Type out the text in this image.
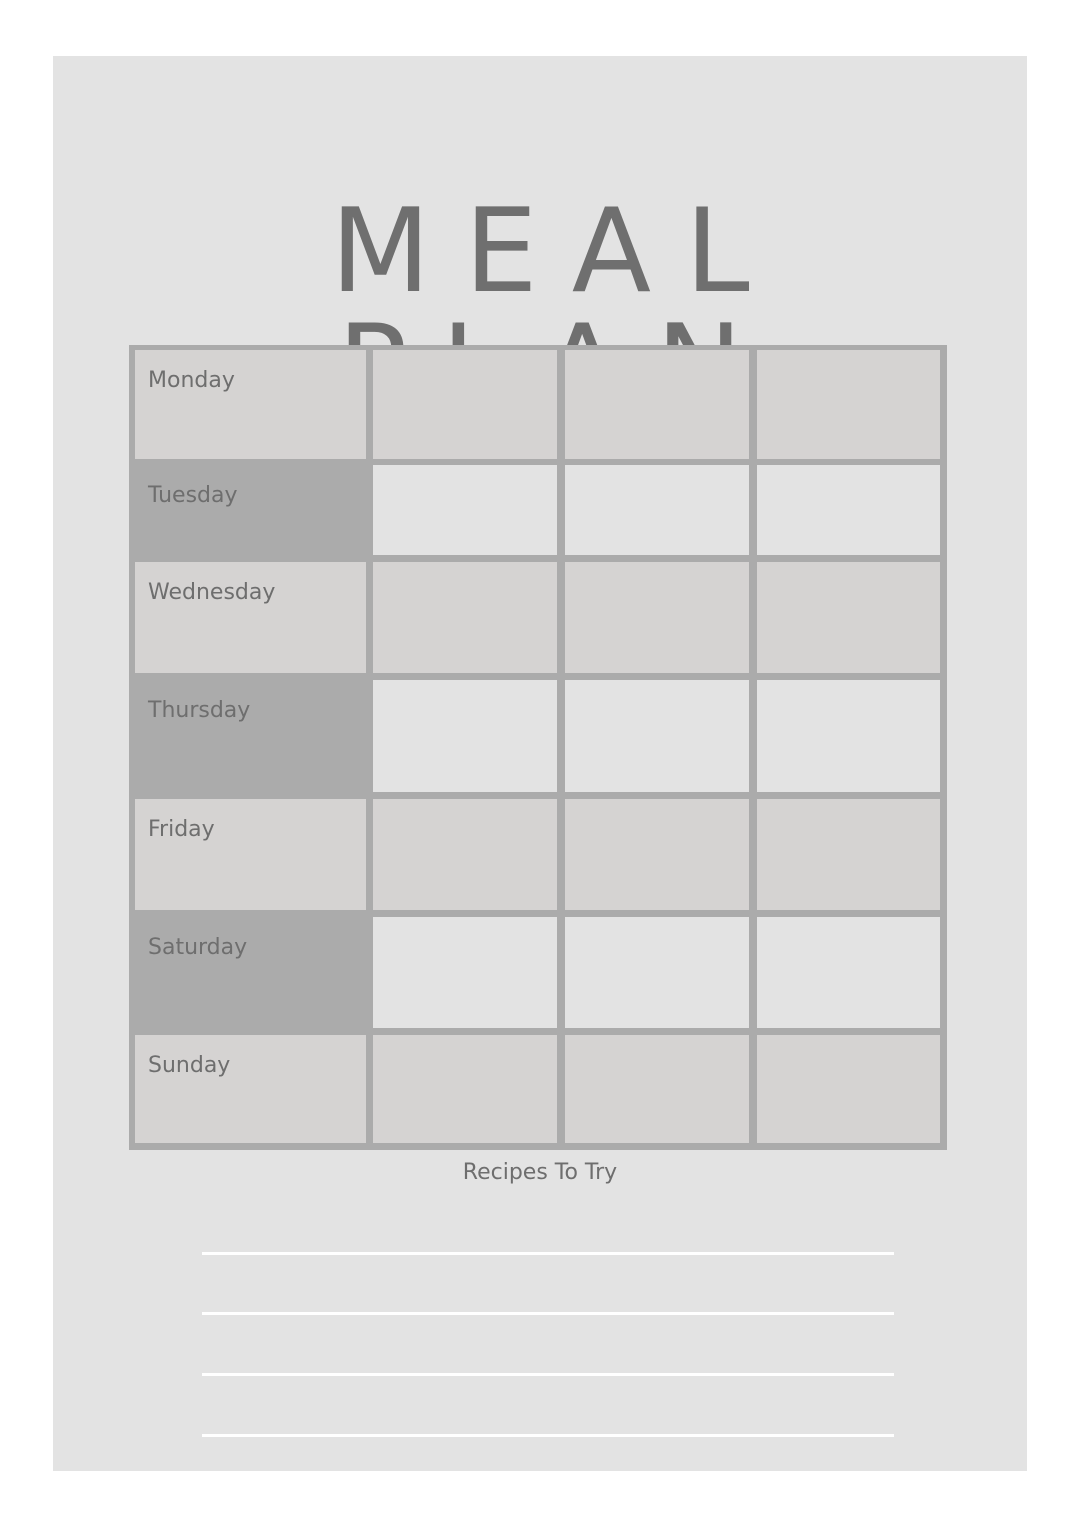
MEAL
Monday
Tuesday
Wednesday
Thursday
Friday
Saturday
Sunday
Recipes To Try
